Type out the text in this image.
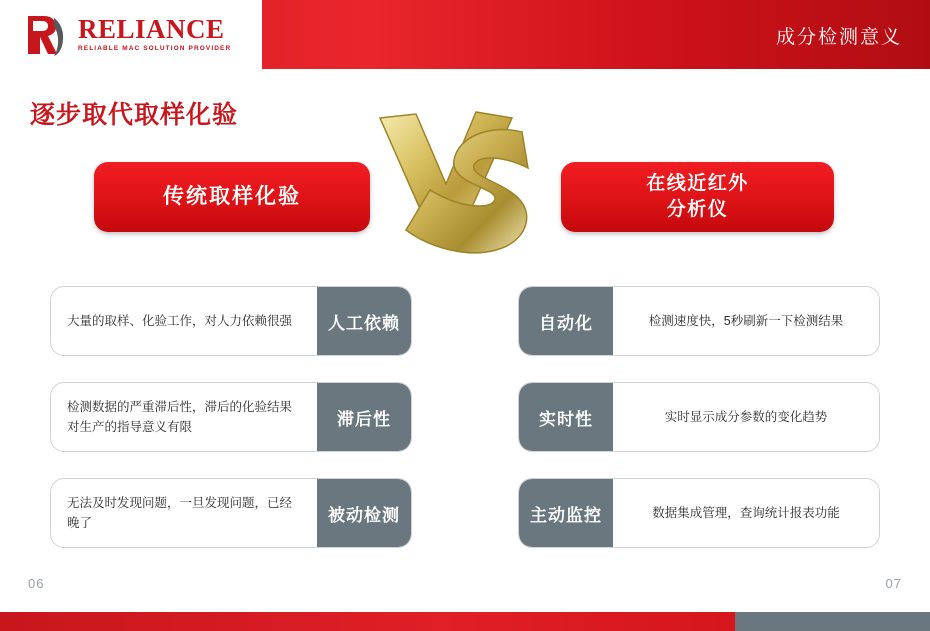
RELIANCE
RELIABLE MAC SOLUTION PROVIDER
成分检测意义
逐步取代取样化验
传统取样化验
在线近红外
分析仪
大量的取样、化验工作，对人力依赖很强	人工依赖
检测数据的严重滞后性，滞后的化验结果对生产的指导意义有限	滞后性
无法及时发现问题，一旦发现问题，已经晚了	被动检测
自动化	检测速度快，5秒刷新一下检测结果
实时性	实时显示成分参数的变化趋势
主动监控	数据集成管理，查询统计报表功能
06	07
